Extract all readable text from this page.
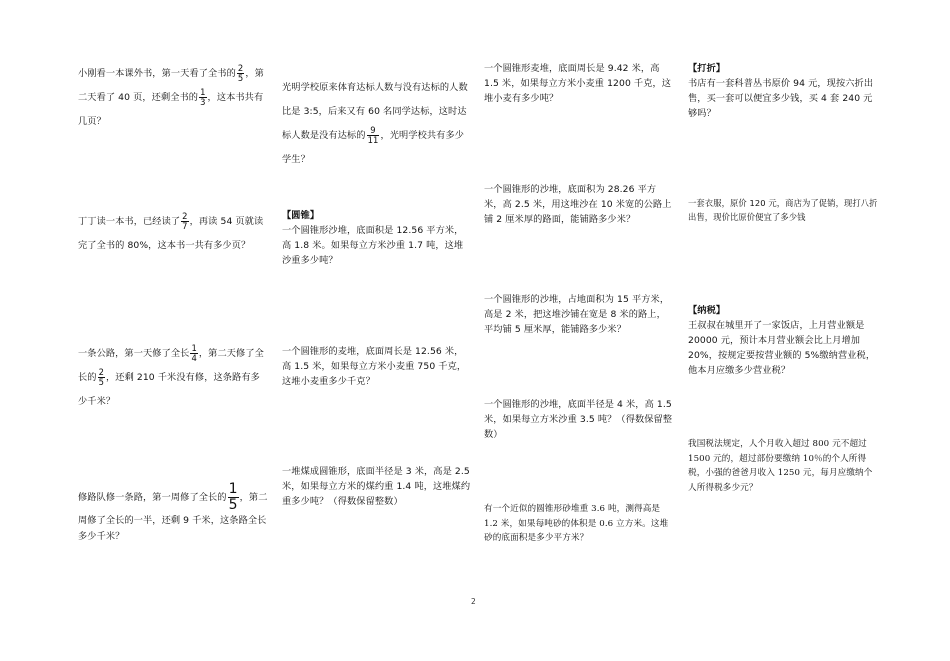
小刚看一本课外书，第一天看了全书的 $\frac{2}{5}$ ，第二天看了 40 页，还剩全书的 $\frac{1}{3}$ ，这本书共有几页？
丁丁读一本书，已经读了 $\frac{2}{7}$ ，再读 54 页就读完了全书的 80%，这本书一共有多少页？
一条公路，第一天修了全长 $\frac{1}{4}$ ，第二天修了全长的 $\frac{2}{5}$ ，还剩 210 千米没有修，这条路有多少千米？
修路队修一条路，第一周修了全长的 $\frac{1}{5}$ ，第二周修了全长的一半，还剩 9 千米，这条路全长多少千米？
光明学校原来体育达标人数与没有达标的人数比是 3:5，后来又有 60 名同学达标，这时达标人数是没有达标的 $\frac{9}{11}$ ，光明学校共有多少学生？
【圆锥】
一个圆锥形沙堆，底面积是 12.56 平方米，高 1.8 米。如果每立方米沙重 1.7 吨，这堆沙重多少吨？
一个圆锥形的麦堆，底面周长是 12.56 米，高 1.5 米，如果每立方米小麦重 750 千克，这堆小麦重多少千克？
一堆煤成圆锥形，底面半径是 3 米，高是 2.5 米，如果每立方米的煤约重 1.4 吨，这堆煤约重多少吨？（得数保留整数）
一个圆锥形麦堆，底面周长是 9.42 米，高 1.5 米，如果每立方米小麦重 1200 千克，这堆小麦有多少吨？
一个圆锥形的沙堆，底面积为 28.26 平方米，高 2.5 米，用这堆沙在 10 米宽的公路上铺 2 厘米厚的路面，能铺路多少米？
一个圆锥形的沙堆，占地面积为 15 平方米，高是 2 米，把这堆沙铺在宽是 8 米的路上，平均铺 5 厘米厚，能铺路多少米？
一个圆锥形的沙堆，底面半径是 4 米，高 1.5 米，如果每立方米沙重 3.5 吨？（得数保留整数）
有一个近似的圆锥形砂堆重 3.6 吨，测得高是 1.2 米，如果每吨砂的体积是 0.6 立方米。这堆砂的底面积是多少平方米？
【打折】
书店有一套科普丛书原价 94 元，现按六折出售，买一套可以便宜多少钱，买 4 套 240 元够吗？
一套衣服，原价 120 元，商店为了促销，现打八折出售，现价比原价便宜了多少钱
【纳税】
王叔叔在城里开了一家饭店，上月营业额是 20000 元，预计本月营业额会比上月增加 20%，按规定要按营业额的 5%缴纳营业税，他本月应缴多少营业税？
我国税法规定，人个月收入超过 800 元不超过 1500 元的，超过部份要缴纳 10％的个人所得税，小强的爸爸月收入 1250 元，每月应缴纳个人所得税多少元？
2
